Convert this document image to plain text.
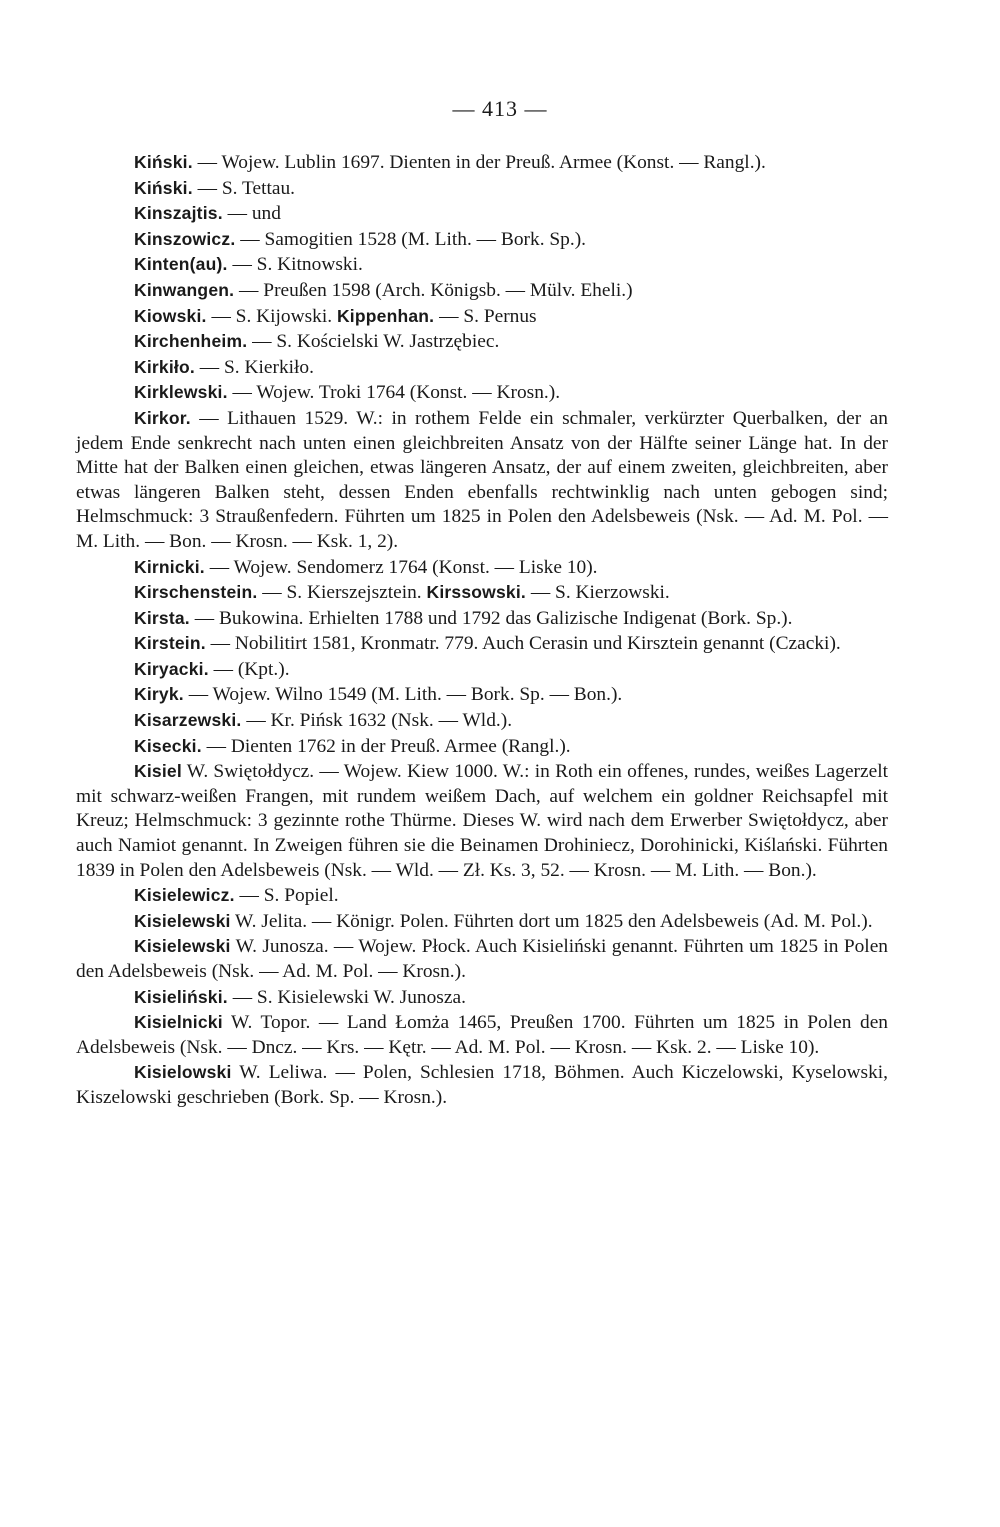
— 413 —

Kiński. — Wojew. Lublin 1697. Dienten in der Preuß. Armee (Konst. — Rangl.).

Kiński. — S. Tettau.

Kinszajtis. — und

Kinszowicz. — Samogitien 1528 (M. Lith. — Bork. Sp.).

Kinten(au). — S. Kitnowski.

Kinwangen. — Preußen 1598 (Arch. Königsb. — Mülv. Eheli.)

Kiowski. — S. Kijowski. Kippenhan. — S. Pernus

Kirchenheim. — S. Kościelski W. Jastrzębiec.

Kirkiło. — S. Kierkiło.

Kirklewski. — Wojew. Troki 1764 (Konst. — Krosn.).

Kirkor. — Lithauen 1529. W.: in rothem Felde ein schmaler, verkürzter Querbalken, der an jedem Ende senkrecht nach unten einen gleichbreiten Ansatz von der Hälfte seiner Länge hat. In der Mitte hat der Balken einen gleichen, etwas längeren Ansatz, der auf einem zweiten, gleichbreiten, aber etwas längeren Balken steht, dessen Enden ebenfalls rechtwinklig nach unten gebogen sind; Helmschmuck: 3 Straußenfedern. Führten um 1825 in Polen den Adelsbeweis (Nsk. — Ad. M. Pol. — M. Lith. — Bon. — Krosn. — Ksk. 1, 2).

Kirnicki. — Wojew. Sendomerz 1764 (Konst. — Liske 10).

Kirschenstein. — S. Kierszejsztein. Kirssowski. — S. Kierzowski.

Kirsta. — Bukowina. Erhielten 1788 und 1792 das Galizische Indigenat (Bork. Sp.).

Kirstein. — Nobilitirt 1581, Kronmatr. 779. Auch Cerasin und Kirsztein genannt (Czacki).

Kiryacki. — (Kpt.).

Kiryk. — Wojew. Wilno 1549 (M. Lith. — Bork. Sp. — Bon.).

Kisarzewski. — Kr. Pińsk 1632 (Nsk. — Wld.).

Kisecki. — Dienten 1762 in der Preuß. Armee (Rangl.).

Kisiel W. Swiętołdycz. — Wojew. Kiew 1000. W.: in Roth ein offenes, rundes, weißes Lagerzelt mit schwarz-weißen Frangen, mit rundem weißem Dach, auf welchem ein goldner Reichsapfel mit Kreuz; Helmschmuck: 3 gezinnte rothe Thürme. Dieses W. wird nach dem Erwerber Swiętołdycz, aber auch Namiot genannt. In Zweigen führen sie die Beinamen Drohiniecz, Dorohinicki, Kiślański. Führten 1839 in Polen den Adelsbeweis (Nsk. — Wld. — Zł. Ks. 3, 52. — Krosn. — M. Lith. — Bon.).

Kisielewicz. — S. Popiel.

Kisielewski W. Jelita. — Königr. Polen. Führten dort um 1825 den Adelsbeweis (Ad. M. Pol.).

Kisielewski W. Junosza. — Wojew. Płock. Auch Kisieliński genannt. Führten um 1825 in Polen den Adelsbeweis (Nsk. — Ad. M. Pol. — Krosn.).

Kisieliński. — S. Kisielewski W. Junosza.

Kisielnicki W. Topor. — Land Łomża 1465, Preußen 1700. Führten um 1825 in Polen den Adelsbeweis (Nsk. — Dncz. — Krs. — Kętr. — Ad. M. Pol. — Krosn. — Ksk. 2. — Liske 10).

Kisielowski W. Leliwa. — Polen, Schlesien 1718, Böhmen. Auch Kiczelowski, Kyselowski, Kiszelowski geschrieben (Bork. Sp. — Krosn.).
